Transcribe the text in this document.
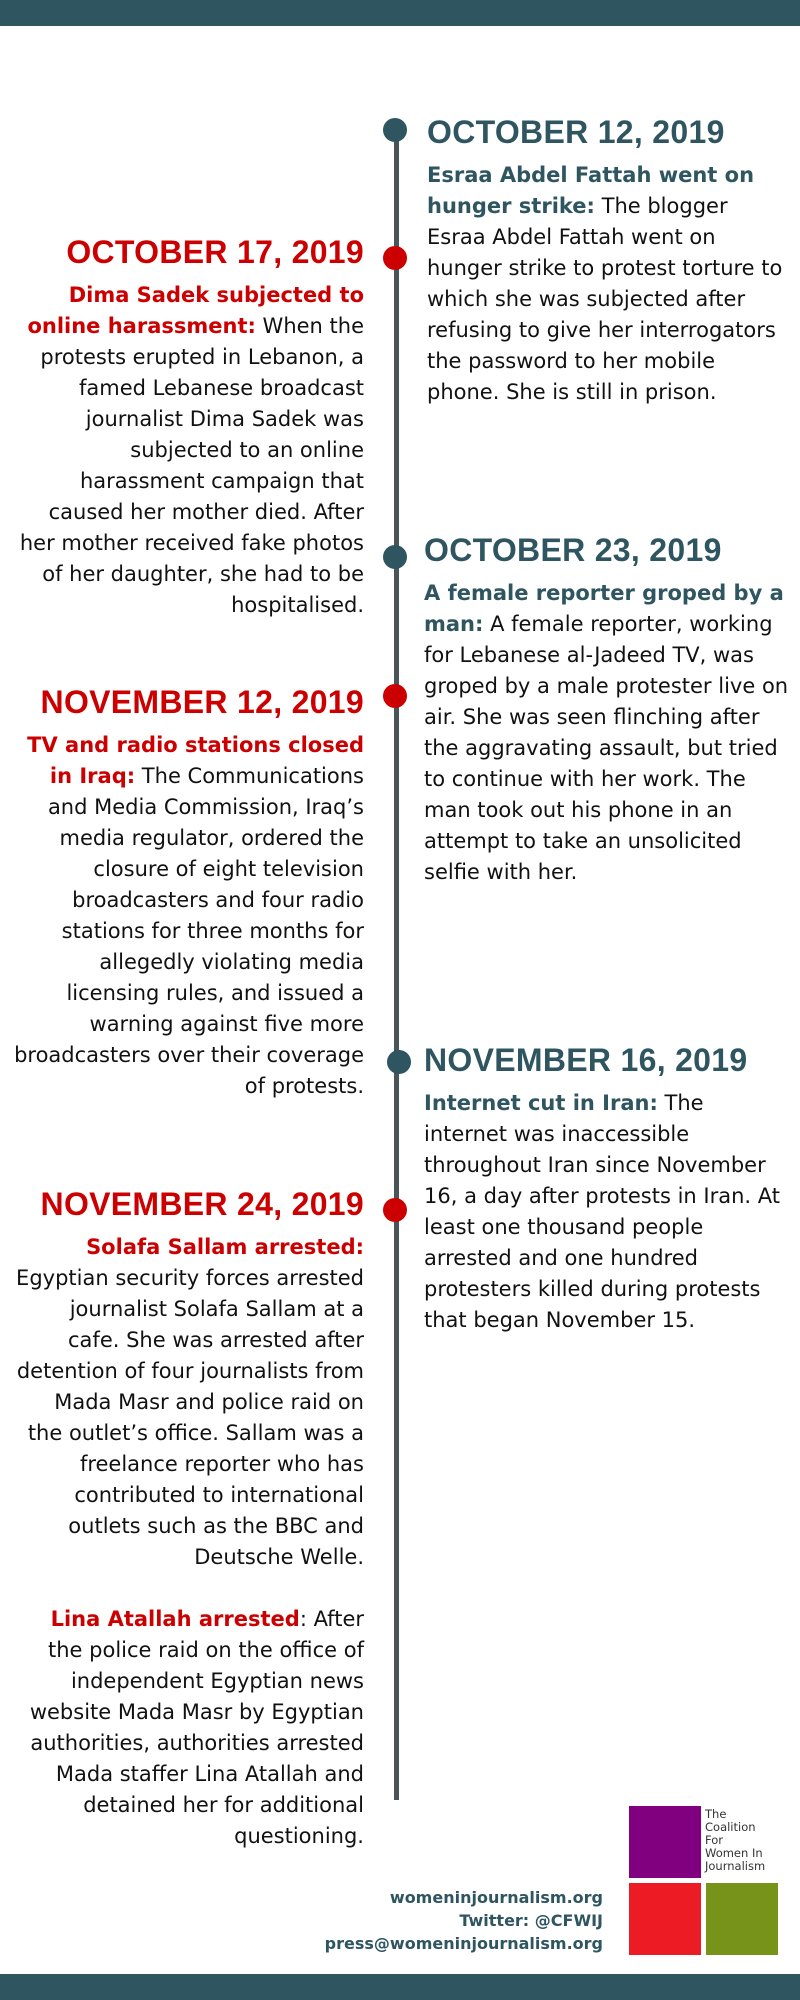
OCTOBER 12, 2019

Esraa Abdel Fattah went on hunger strike: The blogger Esraa Abdel Fattah went on hunger strike to protest torture to which she was subjected after refusing to give her interrogators the password to her mobile phone. She is still in prison.

OCTOBER 17, 2019

Dima Sadek subjected to online harassment: When the protests erupted in Lebanon, a famed Lebanese broadcast journalist Dima Sadek was subjected to an online harassment campaign that caused her mother died. After her mother received fake photos of her daughter, she had to be hospitalised.

OCTOBER 23, 2019

A female reporter groped by a man: A female reporter, working for Lebanese al-Jadeed TV, was groped by a male protester live on air. She was seen flinching after the aggravating assault, but tried to continue with her work. The man took out his phone in an attempt to take an unsolicited selfie with her.

NOVEMBER 12, 2019

TV and radio stations closed in Iraq: The Communications and Media Commission, Iraq’s media regulator, ordered the closure of eight television broadcasters and four radio stations for three months for allegedly violating media licensing rules, and issued a warning against five more broadcasters over their coverage of protests.

NOVEMBER 16, 2019

Internet cut in Iran: The internet was inaccessible throughout Iran since November 16, a day after protests in Iran. At least one thousand people arrested and one hundred protesters killed during protests that began November 15.

NOVEMBER 24, 2019

Solafa Sallam arrested: Egyptian security forces arrested journalist Solafa Sallam at a cafe. She was arrested after detention of four journalists from Mada Masr and police raid on the outlet’s office. Sallam was a freelance reporter who has contributed to international outlets such as the BBC and Deutsche Welle.

Lina Atallah arrested: After the police raid on the office of independent Egyptian news website Mada Masr by Egyptian authorities, authorities arrested Mada staffer Lina Atallah and detained her for additional questioning.

womeninjournalism.org
Twitter: @CFWIJ
press@womeninjournalism.org
The
Coalition
For
Women In
Journalism
